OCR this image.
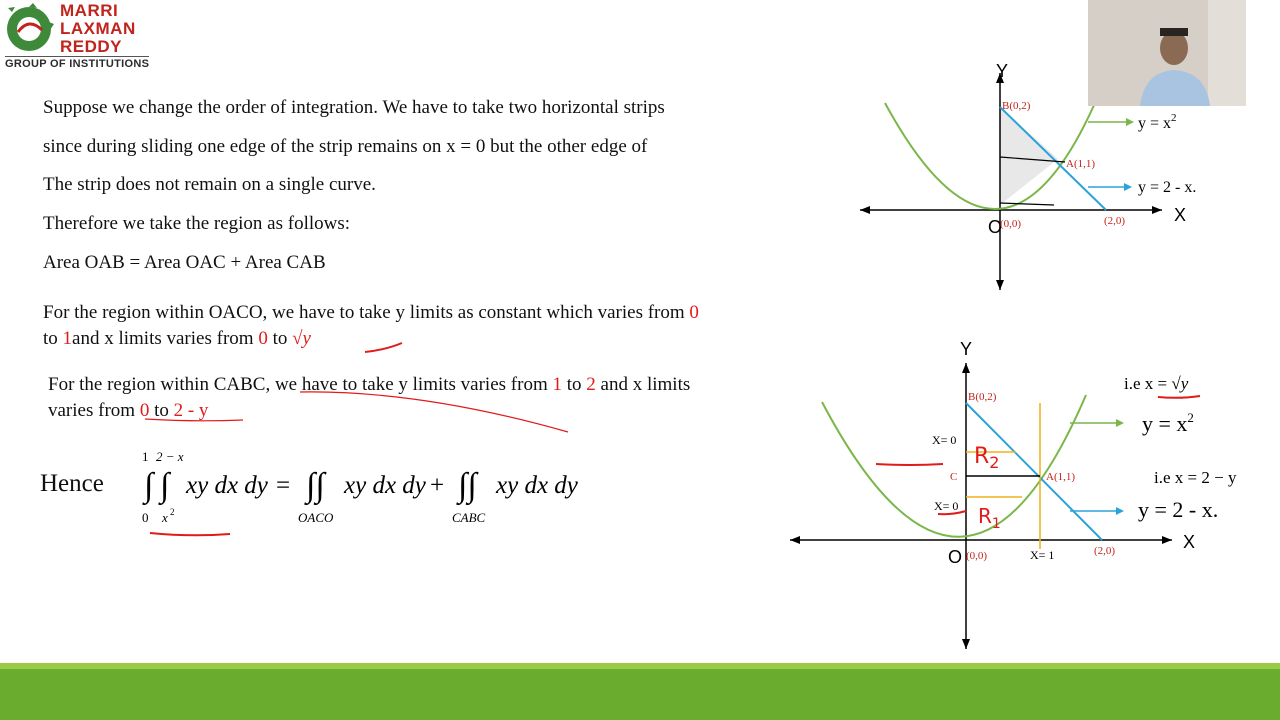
MARRI
LAXMAN
REDDY
GROUP OF INSTITUTIONS
Suppose we change the order of integration. We have to take two horizontal strips
since during sliding one edge of the strip remains on x = 0 but the other edge of
The strip does not remain on a single curve.
Therefore we take the region as follows:
Area OAB = Area OAC + Area CAB
For the region within OACO, we have to take y limits as constant which varies from 0
to 1and x limits varies from 0 to √y
For the region within CABC, we have to take y limits varies from 1 to 2 and x limits
varies from 0 to 2 - y
Hence ∫ ∫
1
0
2 − x
x 2
xy dx dy = ∫∫
OACO
xy dx dy + ∫∫
CABC
xy dx dy
Y
X
O
(0,0)
B(0,2)
A(1,1)
(2,0)
$y = x^2$
y = 2 - x.
Y
X
O (0,0)
B(0,2)
A(1,1)
(2,0)
C
X= 0
X= 0
X= 1
$R_2$
$R_1$
i.e x = √y
$y = x^2$
i.e x = 2 − y
y = 2 - x.
